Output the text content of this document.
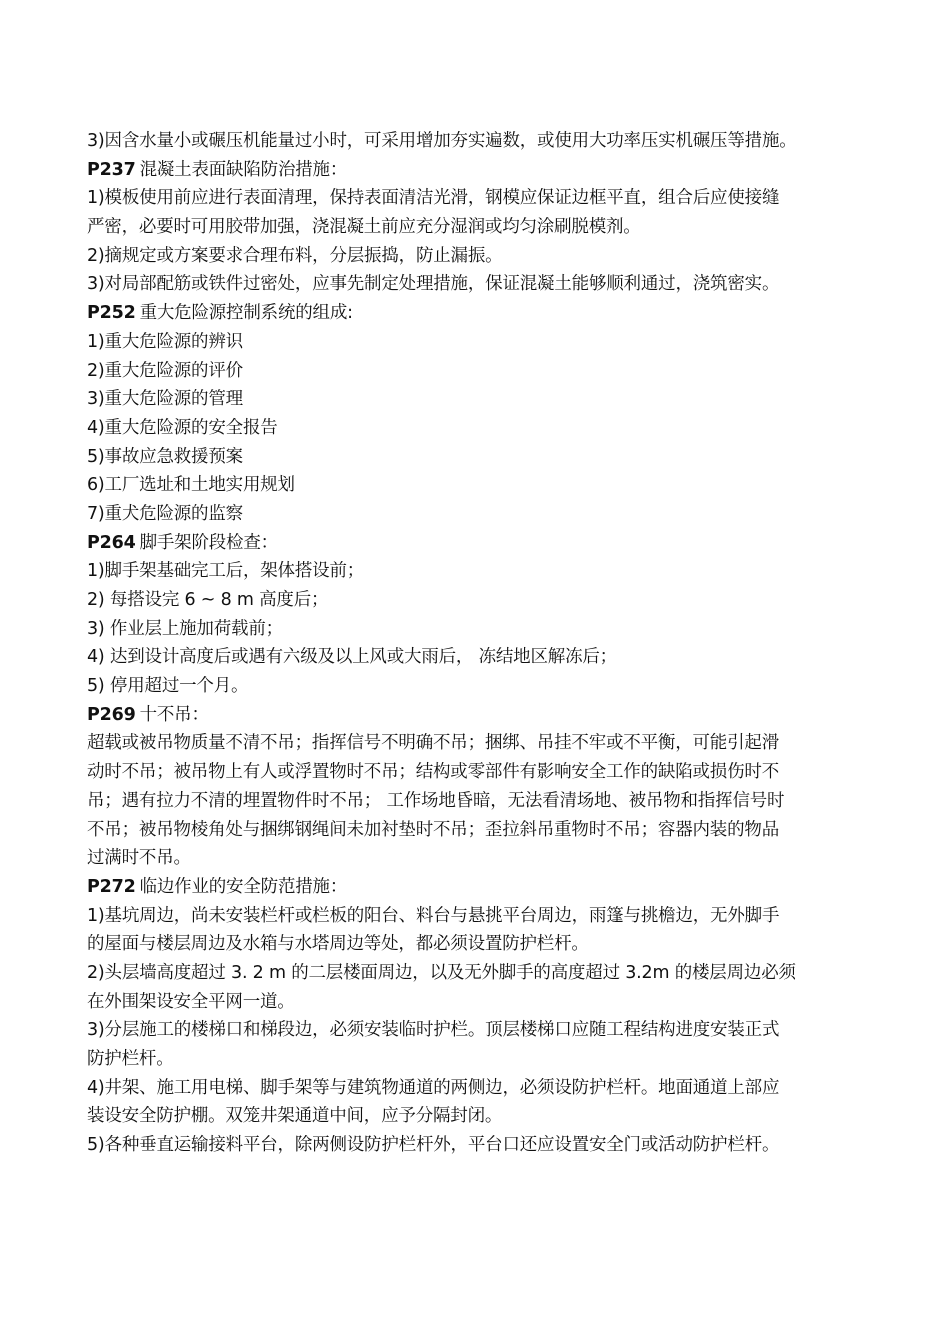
3)因含水量小或碾压机能量过小时，可采用增加夯实遍数，或使用大功率压实机碾压等措施。
P237 混凝土表面缺陷防治措施：
1)模板使用前应进行表面清理，保持表面清洁光滑，钢模应保证边框平直，组合后应使接缝
严密，必要时可用胶带加强，浇混凝土前应充分湿润或均匀涂刷脱模剂。
2)摘规定或方案要求合理布料，分层振捣，防止漏振。
3)对局部配筋或铁件过密处，应事先制定处理措施，保证混凝土能够顺利通过，浇筑密实。
P252 重大危险源控制系统的组成:
1)重大危险源的辨识
2)重大危险源的评价
3)重大危险源的管理
4)重大危险源的安全报告
5)事故应急救援预案
6)工厂选址和土地实用规划
7)重犬危险源的监察
P264 脚手架阶段检查：
1)脚手架基础完工后，架体搭设前；
2) 每搭设完 6 ~ 8 m 高度后；
3) 作业层上施加荷载前；
4) 达到设计高度后或遇有六级及以上风或大雨后， 冻结地区解冻后；
5) 停用超过一个月。
P269 十不吊：
超载或被吊物质量不清不吊；指挥信号不明确不吊；捆绑、吊挂不牢或不平衡，可能引起滑
动时不吊；被吊物上有人或浮置物时不吊；结构或零部件有影响安全工作的缺陷或损伤时不
吊；遇有拉力不清的埋置物件时不吊； 工作场地昏暗，无法看清场地、被吊物和指挥信号时
不吊；被吊物棱角处与捆绑钢绳间未加衬垫时不吊；歪拉斜吊重物时不吊；容器内装的物品
过满时不吊。
P272 临边作业的安全防范措施：
1)基坑周边，尚未安装栏杆或栏板的阳台、料台与悬挑平台周边，雨篷与挑檐边，无外脚手
的屋面与楼层周边及水箱与水塔周边等处，都必须设置防护栏杆。
2)头层墙高度超过 3. 2 m 的二层楼面周边，以及无外脚手的高度超过 3.2m 的楼层周边必须
在外围架设安全平网一道。
3)分层施工的楼梯口和梯段边，必须安装临时护栏。顶层楼梯口应随工程结构进度安装正式
防护栏杆。
4)井架、施工用电梯、脚手架等与建筑物通道的两侧边，必须设防护栏杆。地面通道上部应
装设安全防护棚。双笼井架通道中间，应予分隔封闭。
5)各种垂直运输接料平台，除两侧设防护栏杆外，平台口还应设置安全门或活动防护栏杆。
